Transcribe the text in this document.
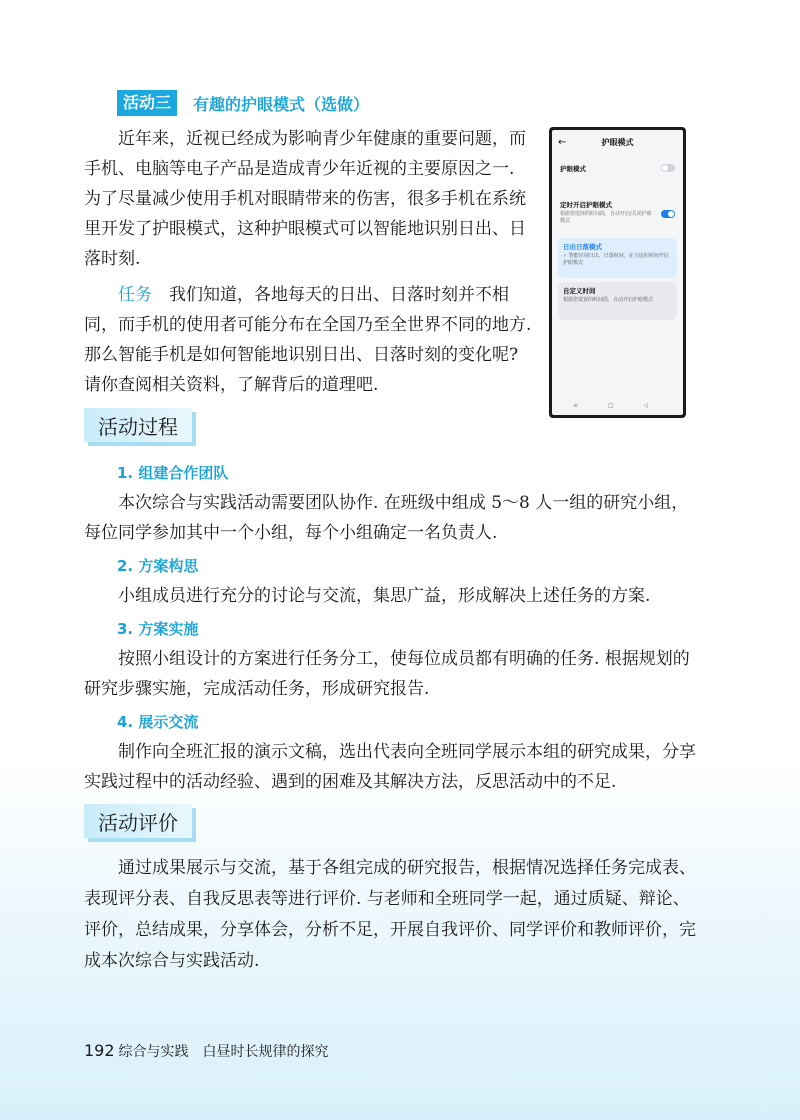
活动三	有趣的护眼模式（选做）

近年来，近视已经成为影响青少年健康的重要问题，而手机、电脑等电子产品是造成青少年近视的主要原因之一. 为了尽量减少使用手机对眼睛带来的伤害，很多手机在系统里开发了护眼模式，这种护眼模式可以智能地识别日出、日落时刻.

任务　 我们知道，各地每天的日出、日落时刻并不相同，而手机的使用者可能分布在全国乃至全世界不同的地方. 那么智能手机是如何智能地识别日出、日落时刻的变化呢? 请你查阅相关资料，了解背后的道理吧.

←	护眼模式
护眼模式
定时开启护眼模式
根据您选择的时间段，自动开启/关闭护眼模式
日出日落模式
✓ 智能识别日出、日落时间，在合适的时间开启护眼模式
自定义时间
根据您设置的时间段，自动开启护眼模式
≡ □ ◁
活动过程
1. 组建合作团队

本次综合与实践活动需要团队协作. 在班级中组成 5～8 人一组的研究小组，每位同学参加其中一个小组，每个小组确定一名负责人.

2. 方案构思

小组成员进行充分的讨论与交流，集思广益，形成解决上述任务的方案.

3. 方案实施

按照小组设计的方案进行任务分工，使每位成员都有明确的任务. 根据规划的研究步骤实施，完成活动任务，形成研究报告.

4. 展示交流

制作向全班汇报的演示文稿，选出代表向全班同学展示本组的研究成果，分享实践过程中的活动经验、遇到的困难及其解决方法，反思活动中的不足.

活动评价

通过成果展示与交流，基于各组完成的研究报告，根据情况选择任务完成表、表现评分表、自我反思表等进行评价. 与老师和全班同学一起，通过质疑、辩论、评价，总结成果，分享体会，分析不足，开展自我评价、同学评价和教师评价，完成本次综合与实践活动.

192 综合与实践　白昼时长规律的探究
